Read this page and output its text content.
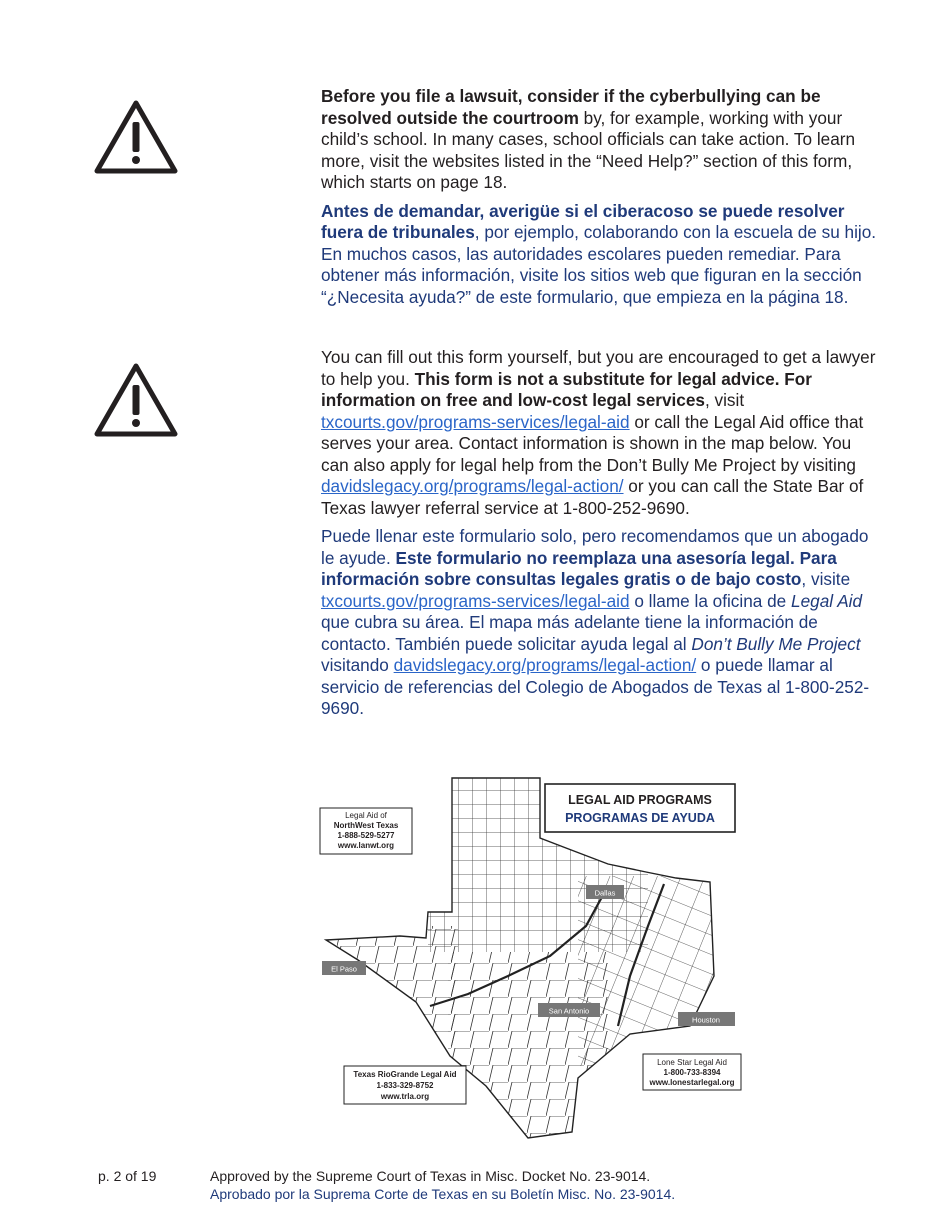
Before you file a lawsuit, consider if the cyberbullying can be resolved outside the courtroom by, for example, working with your child’s school. In many cases, school officials can take action. To learn more, visit the websites listed in the “Need Help?” section of this form, which starts on page 18.

Antes de demandar, averigüe si el ciberacoso se puede resolver fuera de tribunales, por ejemplo, colaborando con la escuela de su hijo. En muchos casos, las autoridades escolares pueden remediar. Para obtener más información, visite los sitios web que figuran en la sección “¿Necesita ayuda?” de este formulario, que empieza en la página 18.

You can fill out this form yourself, but you are encouraged to get a lawyer to help you. This form is not a substitute for legal advice. For information on free and low-cost legal services, visit txcourts.gov/programs-services/legal-aid or call the Legal Aid office that serves your area. Contact information is shown in the map below. You can also apply for legal help from the Don’t Bully Me Project by visiting davidslegacy.org/programs/legal-action/ or you can call the State Bar of Texas lawyer referral service at 1-800-252-9690.

Puede llenar este formulario solo, pero recomendamos que un abogado le ayude. Este formulario no reemplaza una asesoría legal. Para información sobre consultas legales gratis o de bajo costo, visite txcourts.gov/programs-services/legal-aid o llame la oficina de Legal Aid que cubra su área. El mapa más adelante tiene la información de contacto. También puede solicitar ayuda legal al Don’t Bully Me Project visitando davidslegacy.org/programs/legal-action/ o puede llamar al servicio de referencias del Colegio de Abogados de Texas al 1-800-252-9690.

LEGAL AID PROGRAMS
PROGRAMAS DE AYUDA
Legal Aid of
NorthWest Texas
1-888-529-5277
www.lanwt.org
Texas RioGrande Legal Aid
1-833-329-8752
www.trla.org
Lone Star Legal Aid
1-800-733-8394
www.lonestarlegal.org
Dallas
El Paso
San Antonio
Houston
p. 2 of 19	Approved by the Supreme Court of Texas in Misc. Docket No. 23-9014.
Aprobado por la Suprema Corte de Texas en su Boletín Misc. No. 23-9014.
